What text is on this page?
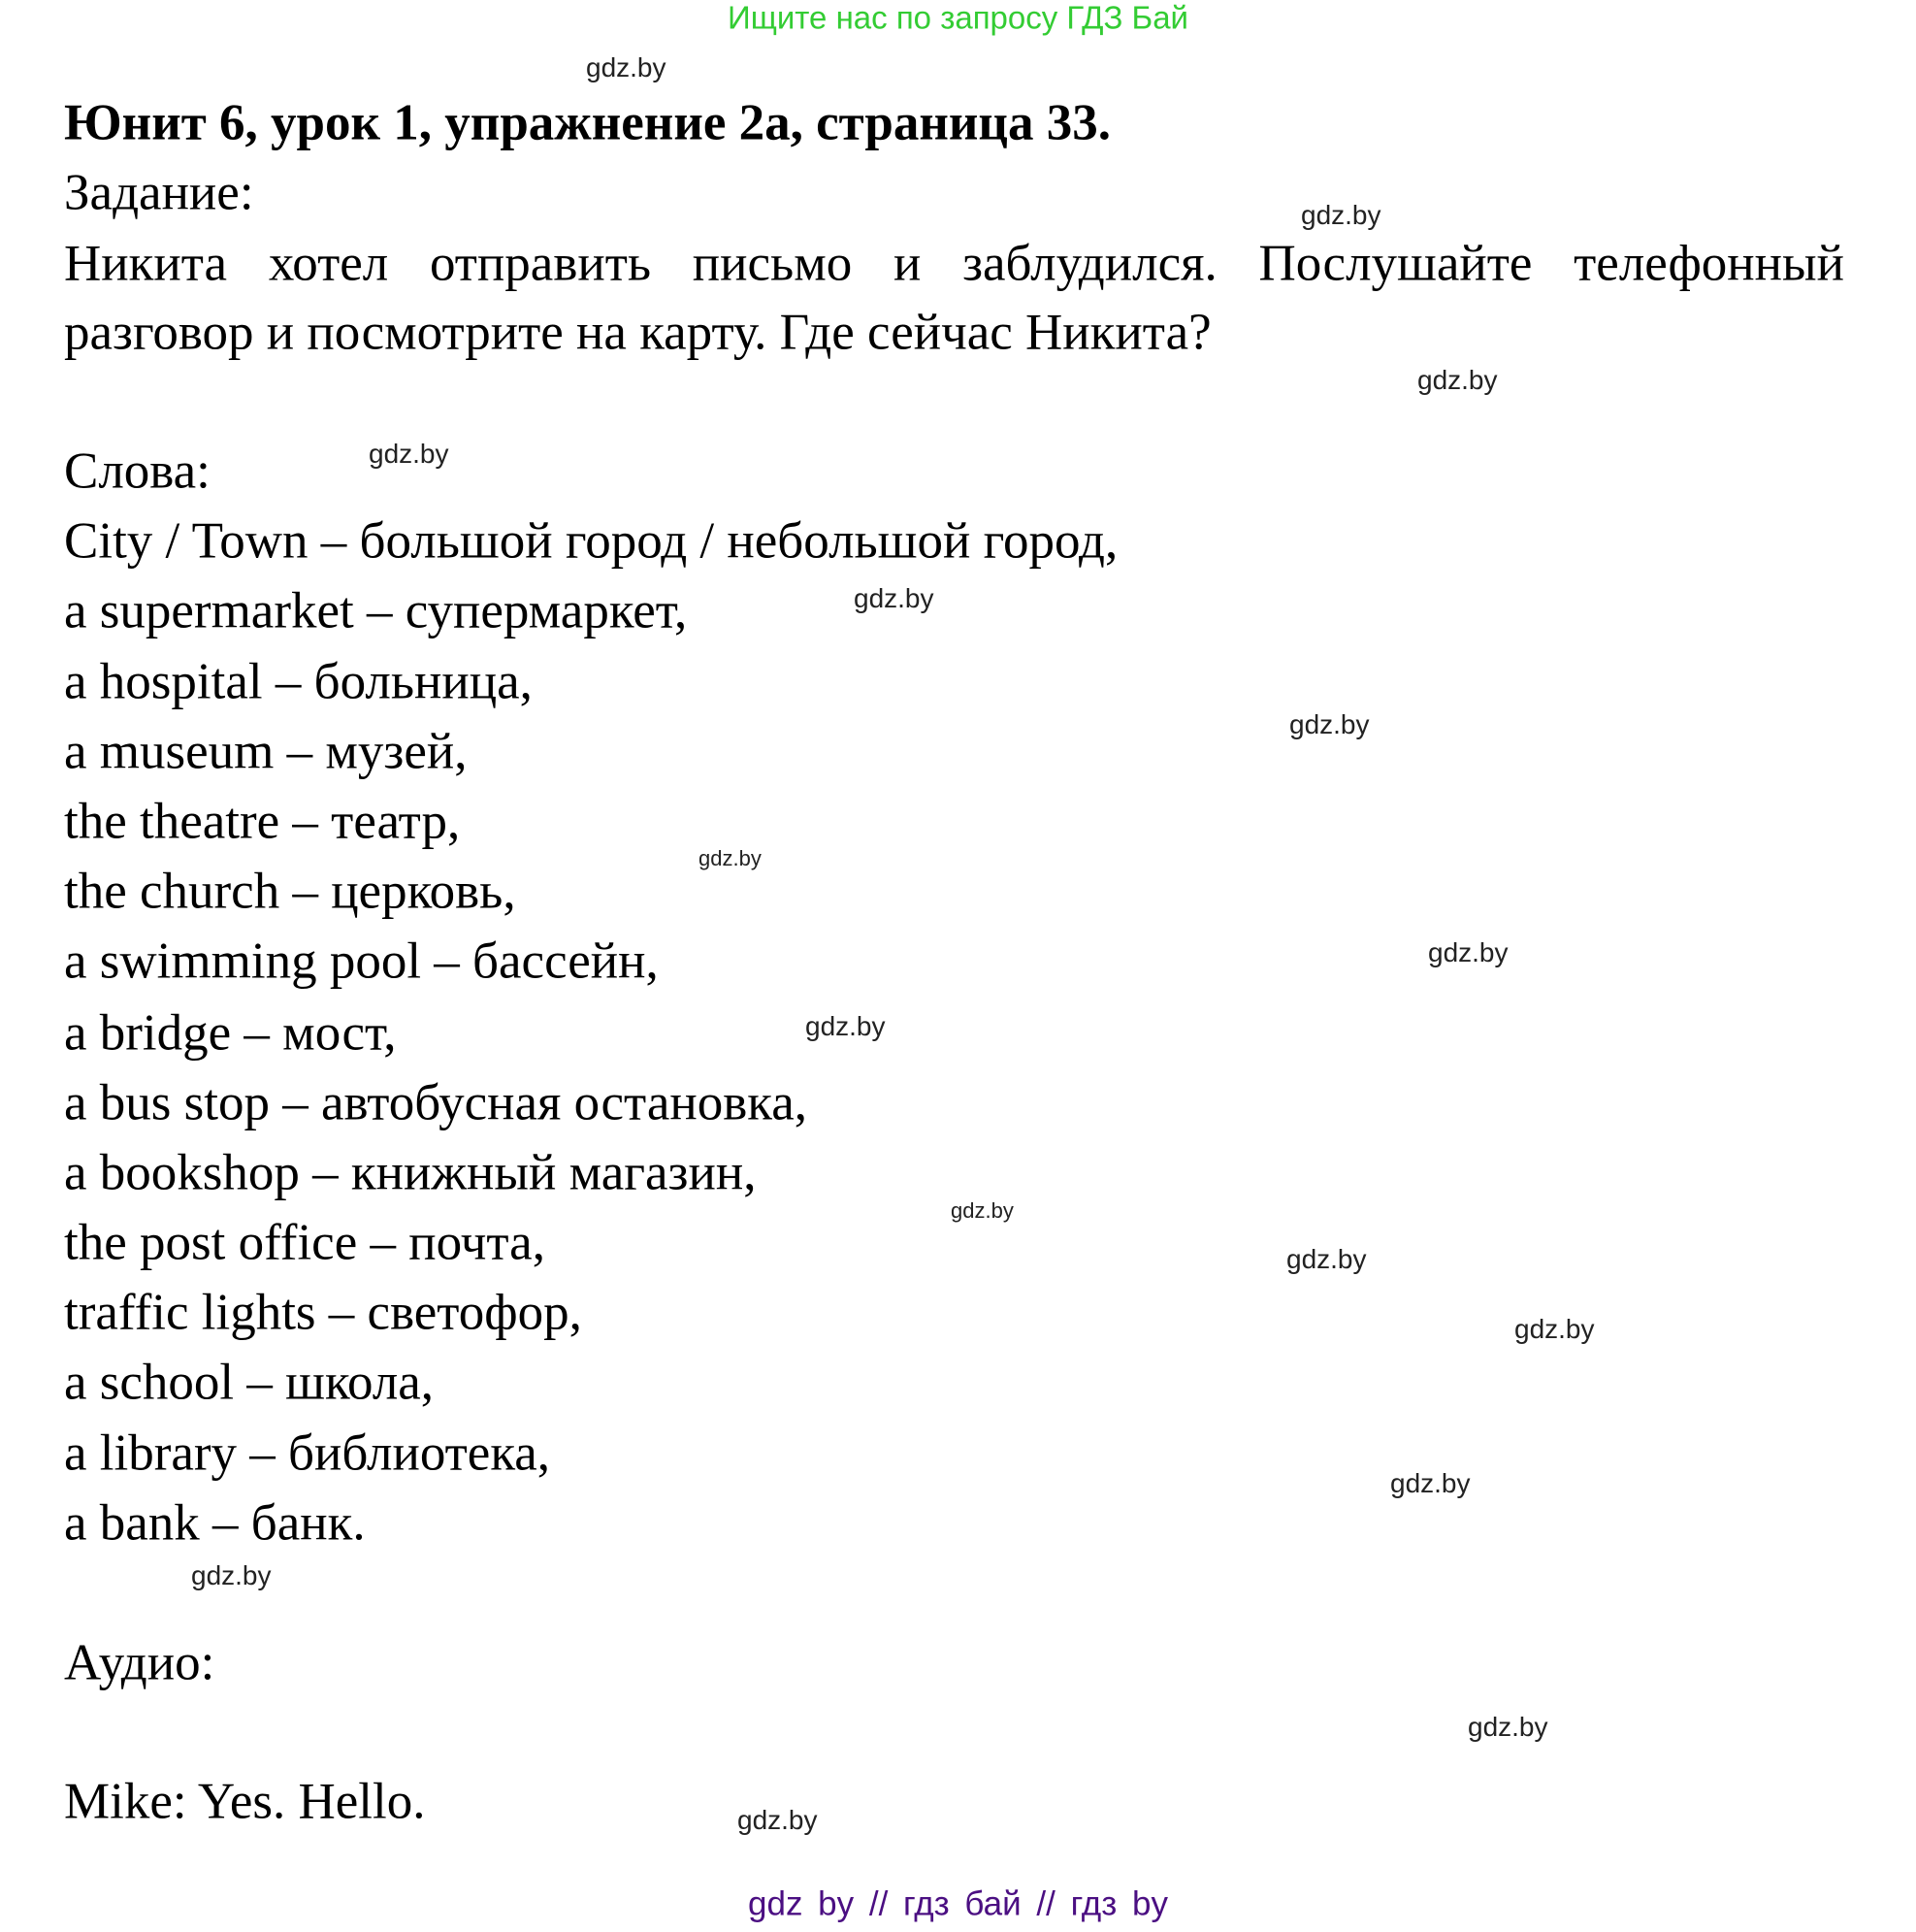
Ищите нас по запросу ГДЗ Бай
Юнит 6, урок 1, упражнение 2а, страница 33.
Задание:
Никита хотел отправить письмо и заблудился. Послушайте телефонный
разговор и посмотрите на карту. Где сейчас Никита?
Слова:
City / Town – большой город / небольшой город,
a supermarket – супермаркет,
a hospital – больница,
a museum – музей,
the theatre – театр,
the church – церковь,
a swimming pool – бассейн,
a bridge – мост,
a bus stop – автобусная остановка,
a bookshop – книжный магазин,
the post office – почта,
traffic lights – светофор,
a school – школа,
a library – библиотека,
a bank – банк.
Аудио:
Mike: Yes. Hello.
gdz.by
gdz.by
gdz.by
gdz.by
gdz.by
gdz.by
gdz.by
gdz.by
gdz.by
gdz.by
gdz.by
gdz.by
gdz.by
gdz.by
gdz.by
gdz.by
gdz by // гдз бай // гдз by
